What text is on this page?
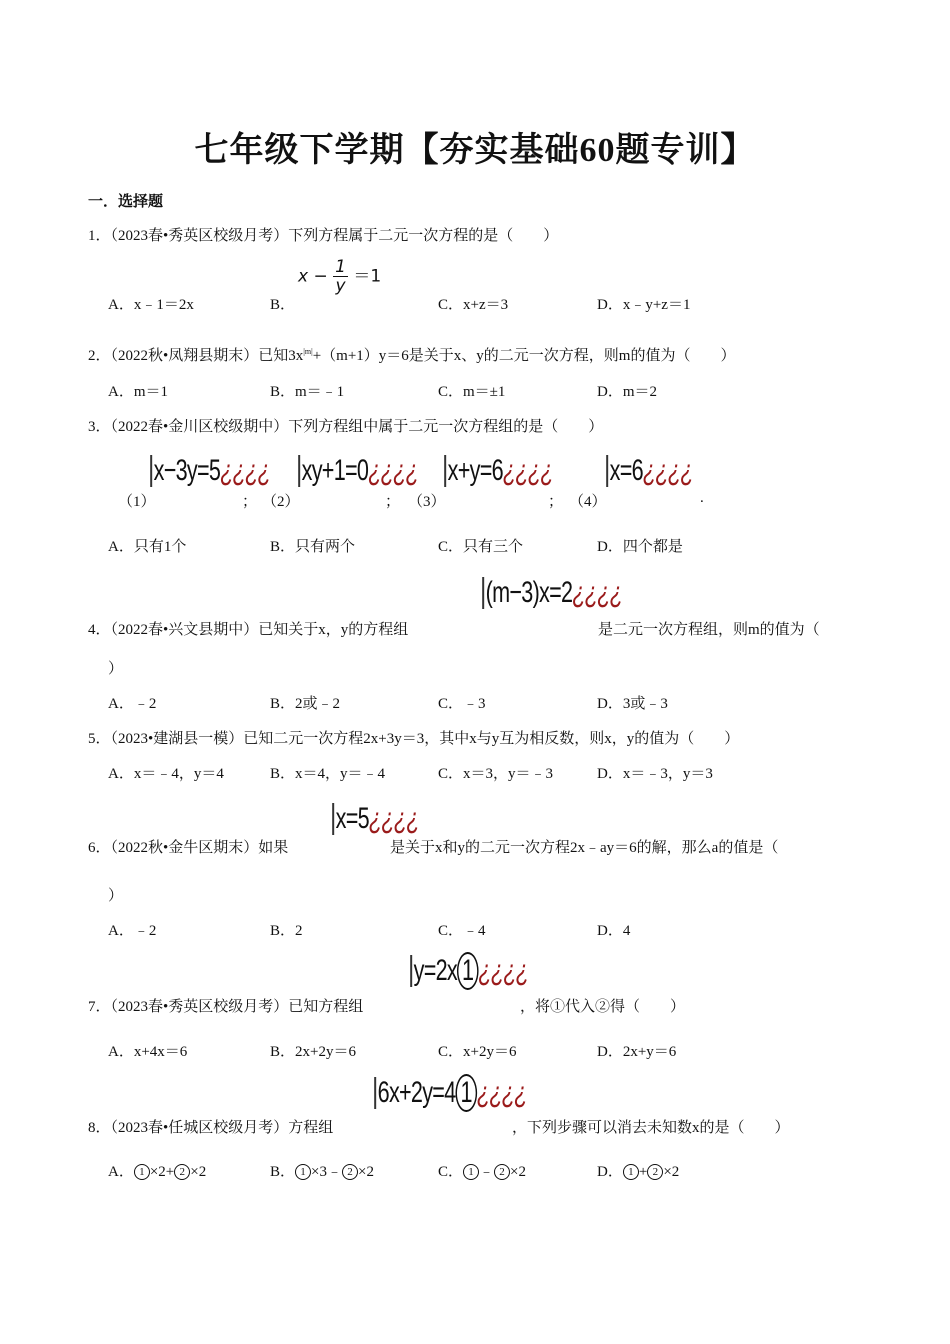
七年级下学期【夯实基础60题专训】
一．选择题
1．（2023春•秀英区校级月考）下列方程属于二元一次方程的是（　　）
A．x﹣1＝2x	B．
$x - \frac{1}{y} =1$
C．x+z＝3	D．x﹣y+z＝1
2．（2022秋•凤翔县期末）已知$3x^{|m|}+(m+1)y=6$是关于x、y的二元一次方程，则m的值为（　　）
A．m＝1	B．m＝﹣1	C．m＝±1	D．m＝2
3．（2022春•金川区校级期中）下列方程组中属于二元一次方程组的是（　　）
（1）
|x−3y=5¿¿¿¿
； （2）
|xy+1=0¿¿¿¿
； （3）
|x+y=6¿¿¿¿
； （4）
|x=6¿¿¿¿
.
A．只有1个	B．只有两个	C．只有三个	D．四个都是
4．（2022春•兴文县期中）已知关于x，y的方程组
|(m−3)x=2¿¿¿¿
是二元一次方程组，则m的值为（
）
A．﹣2	B．2或﹣2	C．﹣3	D．3或﹣3
5．（2023•建湖县一模）已知二元一次方程2x+3y＝3，其中x与y互为相反数，则x，y的值为（　　）
A．x＝﹣4，y＝4	B．x＝4，y＝﹣4	C．x＝3，y＝﹣3	D．x＝﹣3，y＝3
6．（2022秋•金牛区期末）如果
|x=5¿¿¿¿
是关于x和y的二元一次方程2x﹣ay＝6的解，那么a的值是（
）
A．﹣2	B．2	C．﹣4	D．4
7．（2023春•秀英区校级月考）已知方程组
|y=2x 1 ¿¿¿¿
，将①代入②得（　　）
A．x+4x＝6	B．2x+2y＝6	C．x+2y＝6	D．2x+y＝6
8．（2023春•任城区校级月考）方程组
|6x+2y=4 1 ¿¿¿¿
，下列步骤可以消去未知数x的是（　　）
A． 1 ×2+ 2 ×2	B． 1 ×3﹣ 2 ×2	C． 1 ﹣ 2 ×2	D． 1 + 2 ×2
